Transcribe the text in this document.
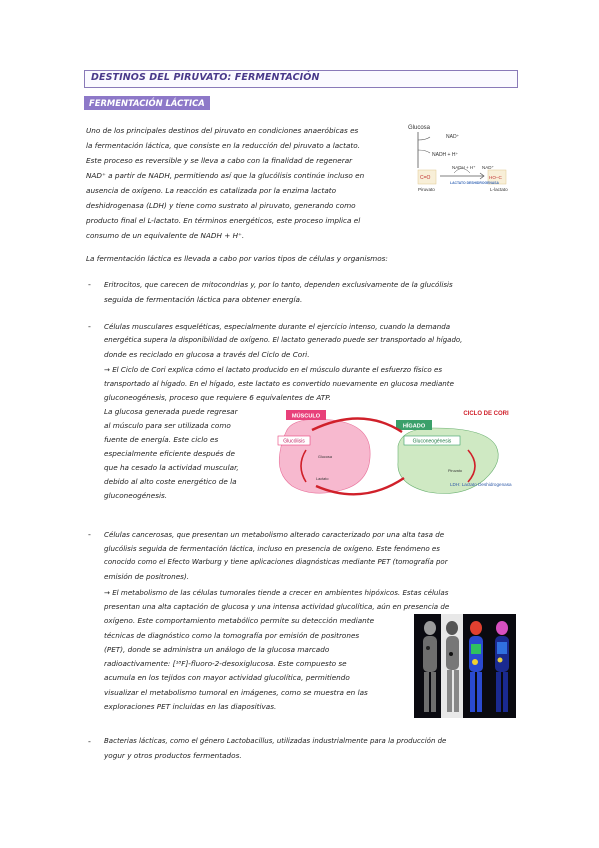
DESTINOS DEL PIRUVATO: FERMENTACIÓN
FERMENTACIÓN LÁCTICA
Uno de los principales destinos del piruvato en condiciones anaeróbicas es
la fermentación láctica, que consiste en la reducción del piruvato a lactato.
Este proceso es reversible y se lleva a cabo con la finalidad de regenerar
NAD⁺ a partir de NADH, permitiendo así que la glucólisis continúe incluso en
ausencia de oxígeno. La reacción es catalizada por la enzima lactato
deshidrogenasa (LDH) y tiene como sustrato al piruvato, generando como
producto final el L-lactato. En términos energéticos, este proceso implica el
consumo de un equivalente de NADH + H⁺.
Glucosa
NAD⁺
NADH + H⁺
NADH + H⁺ NAD⁺
C=O	HO–C
Piruvato
LACTATO DESHIDROGENASA
L-lactato
La fermentación láctica es llevada a cabo por varios tipos de células y organismos:
- Eritrocitos, que carecen de mitocondrias y, por lo tanto, dependen exclusivamente de la glucólisis
seguida de fermentación láctica para obtener energía.
- Células musculares esqueléticas, especialmente durante el ejercicio intenso, cuando la demanda
energética supera la disponibilidad de oxígeno. El lactato generado puede ser transportado al hígado,
donde es reciclado en glucosa a través del Ciclo de Cori.
→ El Ciclo de Cori explica cómo el lactato producido en el músculo durante el esfuerzo físico es
transportado al hígado. En el hígado, este lactato es convertido nuevamente en glucosa mediante
gluconeogénesis, proceso que requiere 6 equivalentes de ATP.
La glucosa generada puede regresar
al músculo para ser utilizada como
fuente de energía. Este ciclo es
especialmente eficiente después de
que ha cesado la actividad muscular,
debido al alto coste energético de la
gluconeogénesis.
CICLO DE CORI
MÚSCULO
Glucólisis
HÍGADO
Gluconeogénesis
Glucosa
Lactato
Piruvato
LDH: Lactato Deshidrogenasa
- Células cancerosas, que presentan un metabolismo alterado caracterizado por una alta tasa de
glucólisis seguida de fermentación láctica, incluso en presencia de oxígeno. Este fenómeno es
conocido como el Efecto Warburg y tiene aplicaciones diagnósticas mediante PET (tomografía por
emisión de positrones).
→ El metabolismo de las células tumorales tiende a crecer en ambientes hipóxicos. Estas células
presentan una alta captación de glucosa y una intensa actividad glucolítica, aún en presencia de
oxígeno. Este comportamiento metabólico permite su detección mediante
técnicas de diagnóstico como la tomografía por emisión de positrones
(PET), donde se administra un análogo de la glucosa marcado
radioactivamente: [¹⁸F]-fluoro-2-desoxiglucosa. Este compuesto se
acumula en los tejidos con mayor actividad glucolítica, permitiendo
visualizar el metabolismo tumoral en imágenes, como se muestra en las
exploraciones PET incluidas en las diapositivas.
- Bacterias lácticas, como el género Lactobacillus, utilizadas industrialmente para la producción de
yogur y otros productos fermentados.
